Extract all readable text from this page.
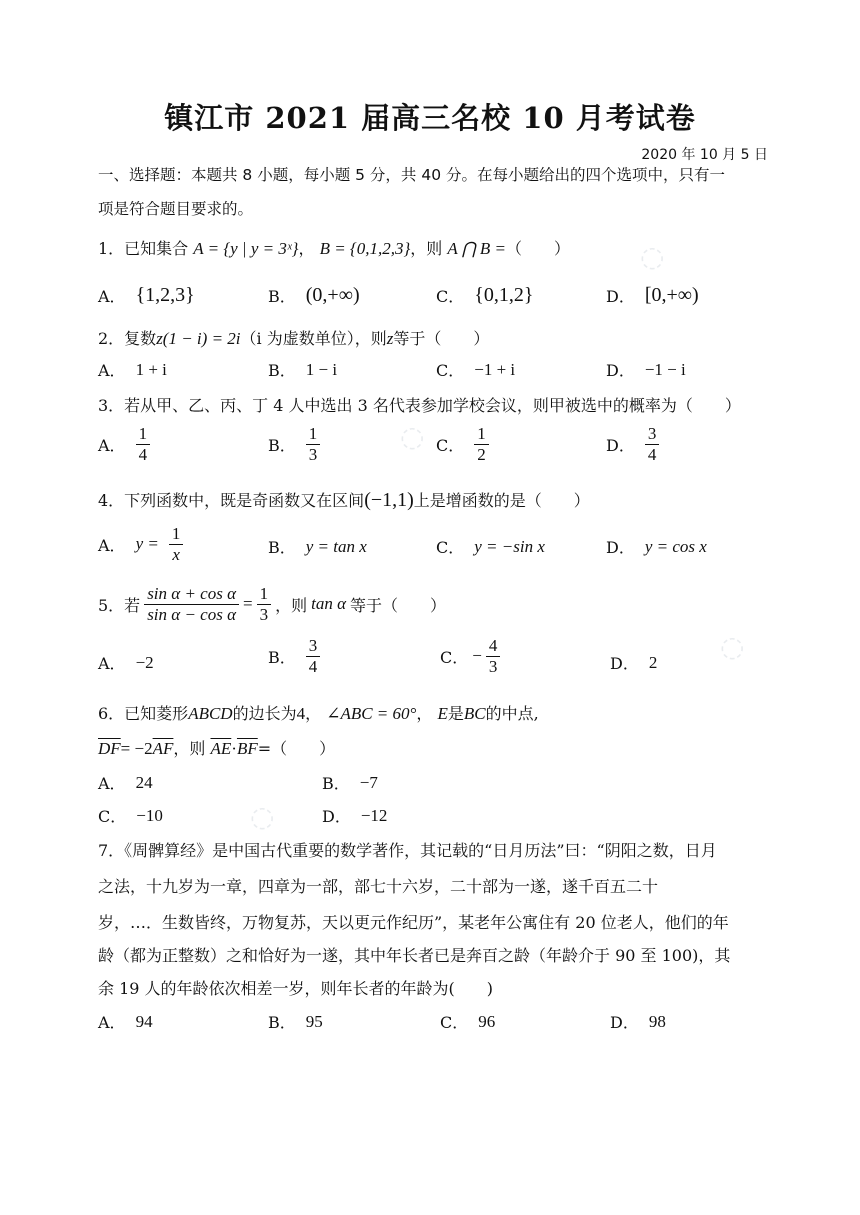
◌
◌
◌
◌
镇江市 2021 届高三名校 10 月考试卷
2020 年 10 月 5 日
一、选择题：本题共 8 小题，每小题 5 分，共 40 分。在每小题给出的四个选项中，只有一
项是符合题目要求的。
1．已知集合 A = {y | y = 3ˣ}， B = {0,1,2,3}，则 A ⋂ B =（　　）
A． {1,2,3}	B． (0,+∞)	C． {0,1,2}	D． [0,+∞)
2．复数z(1 − i) = 2i（i 为虚数单位），则z等于（　　）
A． 1 + i	B． 1 − i	C． −1 + i	D． −1 − i
3．若从甲、乙、丙、丁 4 人中选出 3 名代表参加学校会议，则甲被选中的概率为（　　）
A． $\frac{1}{4}$	B． $\frac{1}{3}$	C． $\frac{1}{2}$	D． $\frac{3}{4}$
4．下列函数中，既是奇函数又在区间(−1,1)上是增函数的是（　　）
A． $y = \frac{1}{x}$	B． y = tan x	C． y = −sin x	D． y = cos x
5．若 $\frac{\text{sin α + cos α}}{\text{sin α − cos α}} = \frac{1}{3}$ ，则 tan α 等于（　　）
A． −2	B． $\frac{3}{4}$	C． − $\frac{4}{3}$	D． 2
6．已知菱形ABCD的边长为4， ∠ABC = 60°， E是BC的中点,
$\overline{DF}= -2\overline{AF}$，则 $\overline{AE}\cdot\overline{BF}=$（　　）
A． 24	B． −7
C． −10	D． −12
7．《周髀算经》是中国古代重要的数学著作，其记载的“日月历法”曰：“阴阳之数，日月
之法，十九岁为一章，四章为一部，部七十六岁，二十部为一遂，遂千百五二十
岁，…．生数皆终，万物复苏，天以更元作纪历”，某老年公寓住有 20 位老人，他们的年
龄（都为正整数）之和恰好为一遂，其中年长者已是奔百之龄（年龄介于 90 至 100)，其
余 19 人的年龄依次相差一岁，则年长者的年龄为(　　)
A． 94	B． 95	C． 96	D． 98
